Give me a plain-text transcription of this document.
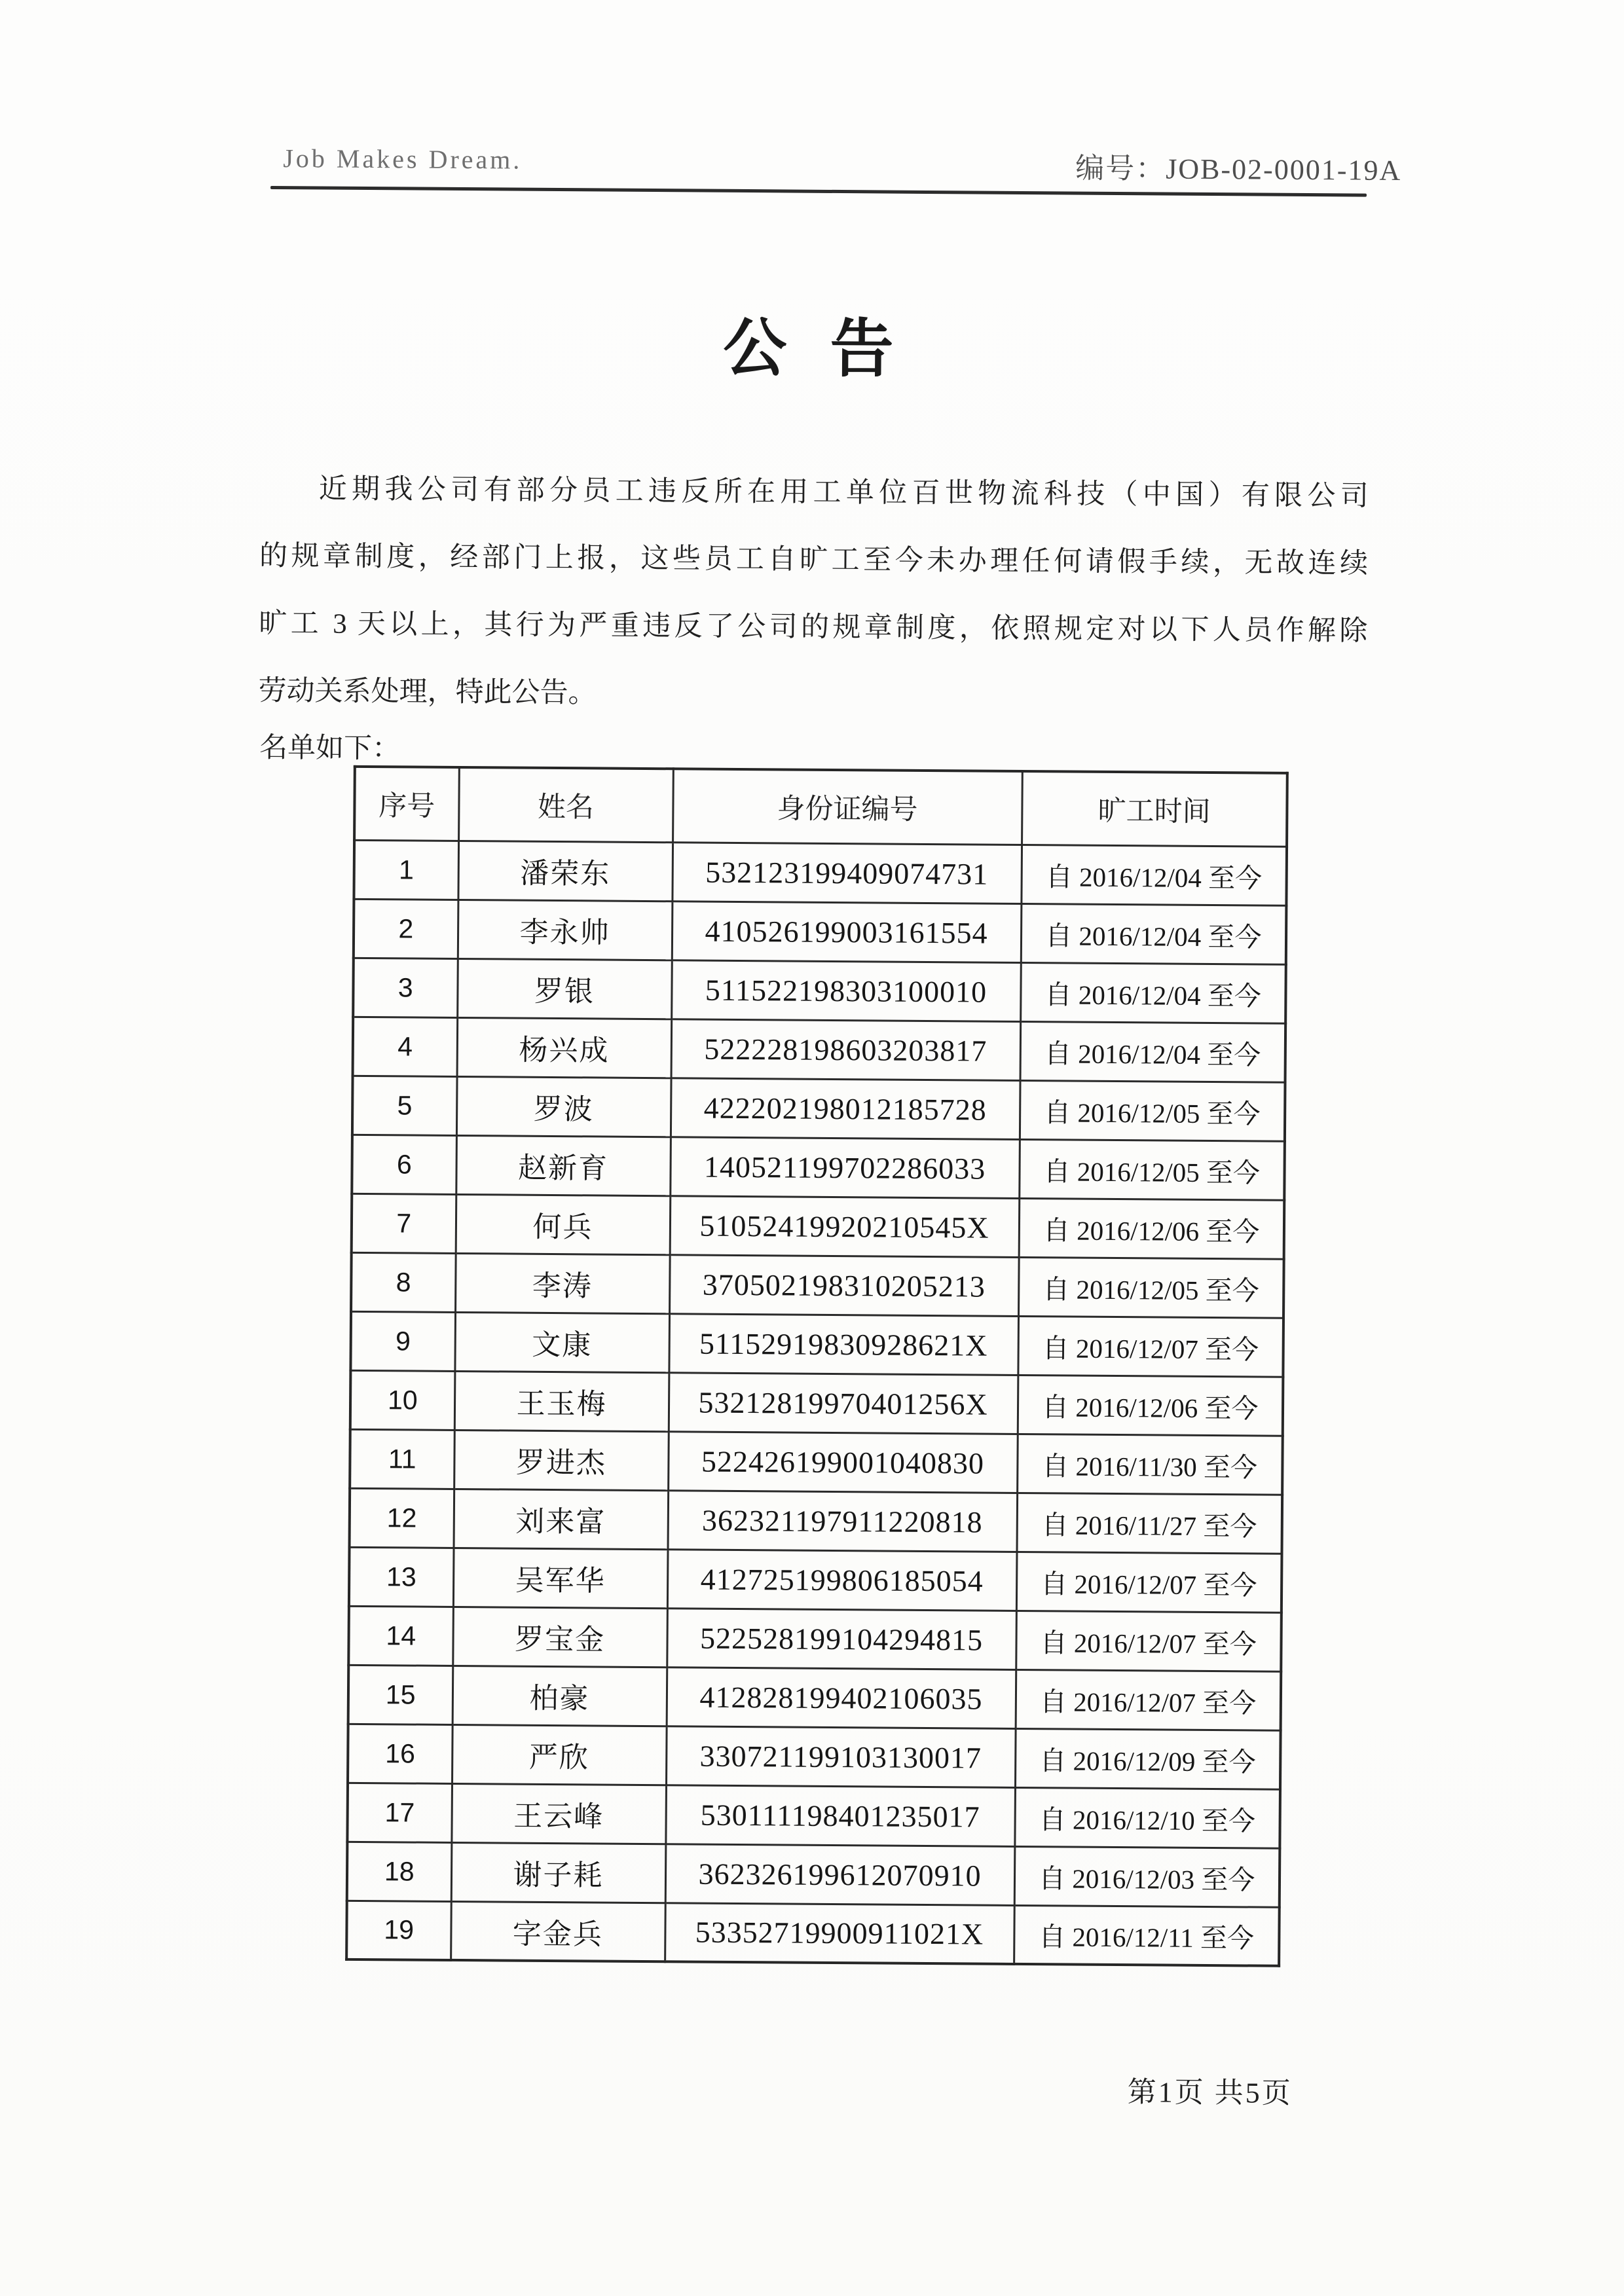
Job Makes Dream.	编号：JOB-02-0001-19A
公 告
近期我公司有部分员工违反所在用工单位百世物流科技（中国）有限公司
的规章制度，经部门上报，这些员工自旷工至今未办理任何请假手续，无故连续
旷工 3 天以上，其行为严重违反了公司的规章制度，依照规定对以下人员作解除
劳动关系处理，特此公告。
名单如下：
序号	姓名	身份证编号	旷工时间
1	潘荣东	532123199409074731	自 2016/12/04 至今
2	李永帅	410526199003161554	自 2016/12/04 至今
3	罗银	511522198303100010	自 2016/12/04 至今
4	杨兴成	522228198603203817	自 2016/12/04 至今
5	罗波	422202198012185728	自 2016/12/05 至今
6	赵新育	140521199702286033	自 2016/12/05 至今
7	何兵	51052419920210545X	自 2016/12/06 至今
8	李涛	370502198310205213	自 2016/12/05 至今
9	文康	51152919830928621X	自 2016/12/07 至今
10	王玉梅	53212819970401256X	自 2016/12/06 至今
11	罗进杰	522426199001040830	自 2016/11/30 至今
12	刘来富	362321197911220818	自 2016/11/27 至今
13	吴军华	412725199806185054	自 2016/12/07 至今
14	罗宝金	522528199104294815	自 2016/12/07 至今
15	柏豪	412828199402106035	自 2016/12/07 至今
16	严欣	330721199103130017	自 2016/12/09 至今
17	王云峰	530111198401235017	自 2016/12/10 至今
18	谢子耗	362326199612070910	自 2016/12/03 至今
19	字金兵	53352719900911021X	自 2016/12/11 至今
第1页 共5页
